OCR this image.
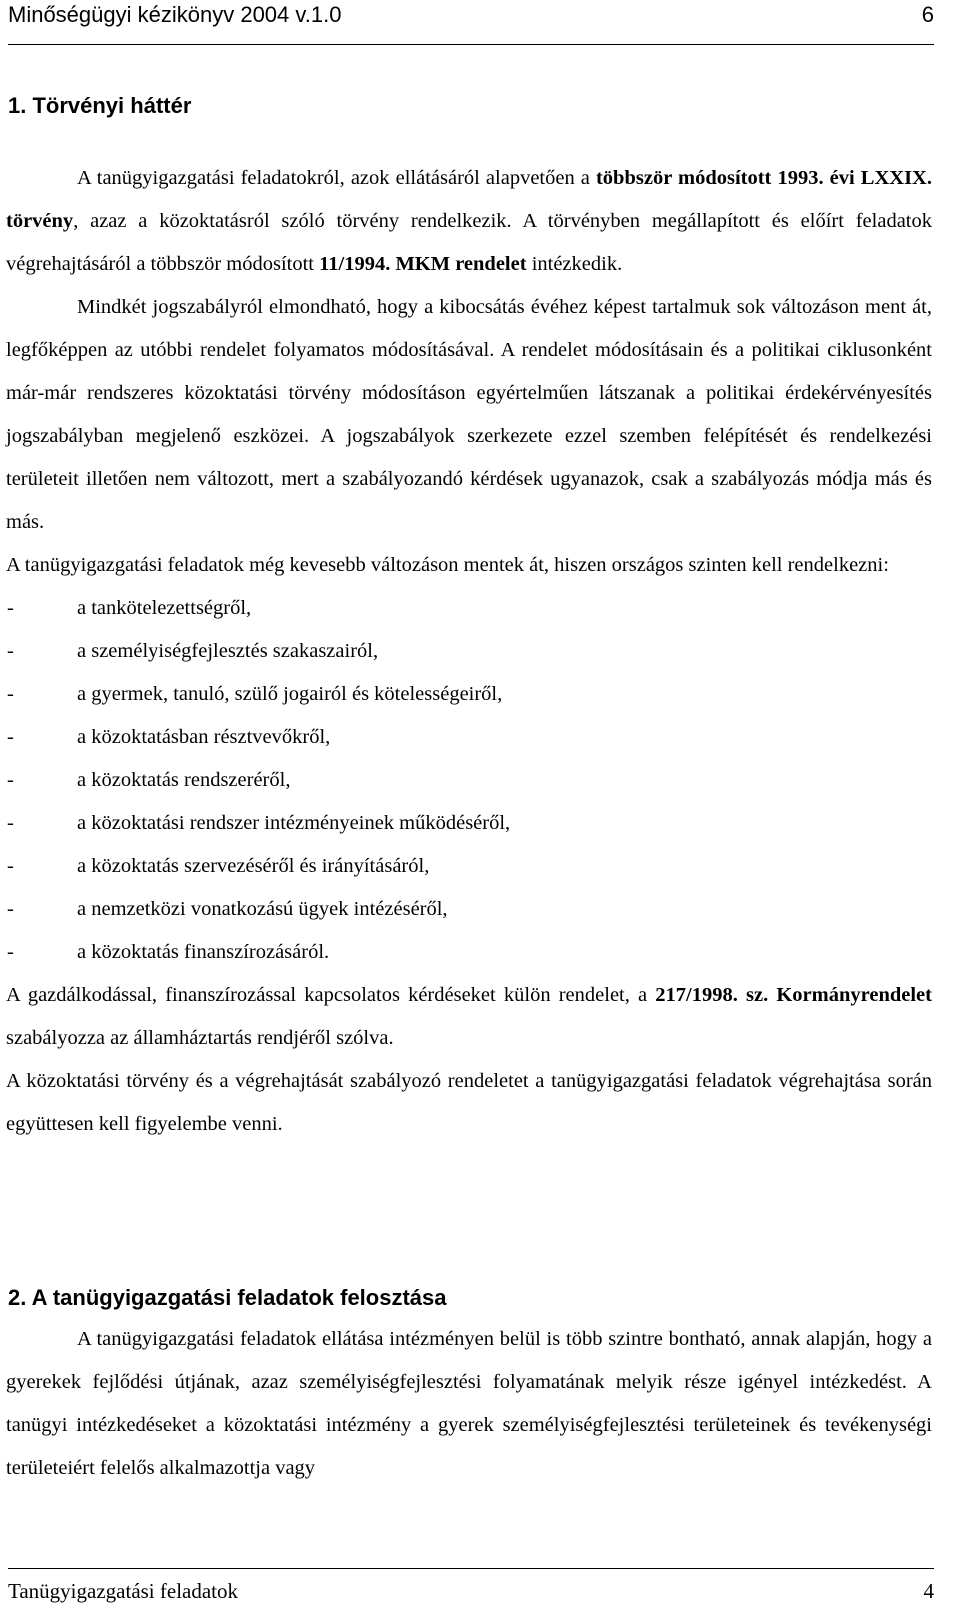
Minőségügyi kézikönyv 2004 v.1.0	6
1. Törvényi háttér

A tanügyigazgatási feladatokról, azok ellátásáról alapvetően a többször módosított 1993. évi LXXIX. törvény, azaz a közoktatásról szóló törvény rendelkezik. A törvényben megállapított és előírt feladatok végrehajtásáról a többször módosított 11/1994. MKM rendelet intézkedik.

Mindkét jogszabályról elmondható, hogy a kibocsátás évéhez képest tartalmuk sok változáson ment át, legfőképpen az utóbbi rendelet folyamatos módosításával. A rendelet módosításain és a politikai ciklusonként már-már rendszeres közoktatási törvény módosításon egyértelműen látszanak a politikai érdekérvényesítés jogszabályban megjelenő eszközei. A jogszabályok szerkezete ezzel szemben felépítését és rendelkezési területeit illetően nem változott, mert a szabályozandó kérdések ugyanazok, csak a szabályozás módja más és más.

A tanügyigazgatási feladatok még kevesebb változáson mentek át, hiszen országos szinten kell rendelkezni:

-	a tankötelezettségről,
-	a személyiségfejlesztés szakaszairól,
-	a gyermek, tanuló, szülő jogairól és kötelességeiről,
-	a közoktatásban résztvevőkről,
-	a közoktatás rendszeréről,
-	a közoktatási rendszer intézményeinek működéséről,
-	a közoktatás szervezéséről és irányításáról,
-	a nemzetközi vonatkozású ügyek intézéséről,
-	a közoktatás finanszírozásáról.

A gazdálkodással, finanszírozással kapcsolatos kérdéseket külön rendelet, a 217/1998. sz. Kormányrendelet szabályozza az államháztartás rendjéről szólva.

A közoktatási törvény és a végrehajtását szabályozó rendeletet a tanügyigazgatási feladatok végrehajtása során együttesen kell figyelembe venni.

2. A tanügyigazgatási feladatok felosztása

A tanügyigazgatási feladatok ellátása intézményen belül is több szintre bontható, annak alapján, hogy a gyerekek fejlődési útjának, azaz személyiségfejlesztési folyamatának melyik része igényel intézkedést. A tanügyi intézkedéseket a közoktatási intézmény a gyerek személyiségfejlesztési területeinek és tevékenységi területeiért felelős alkalmazottja vagy

Tanügyigazgatási feladatok	4
